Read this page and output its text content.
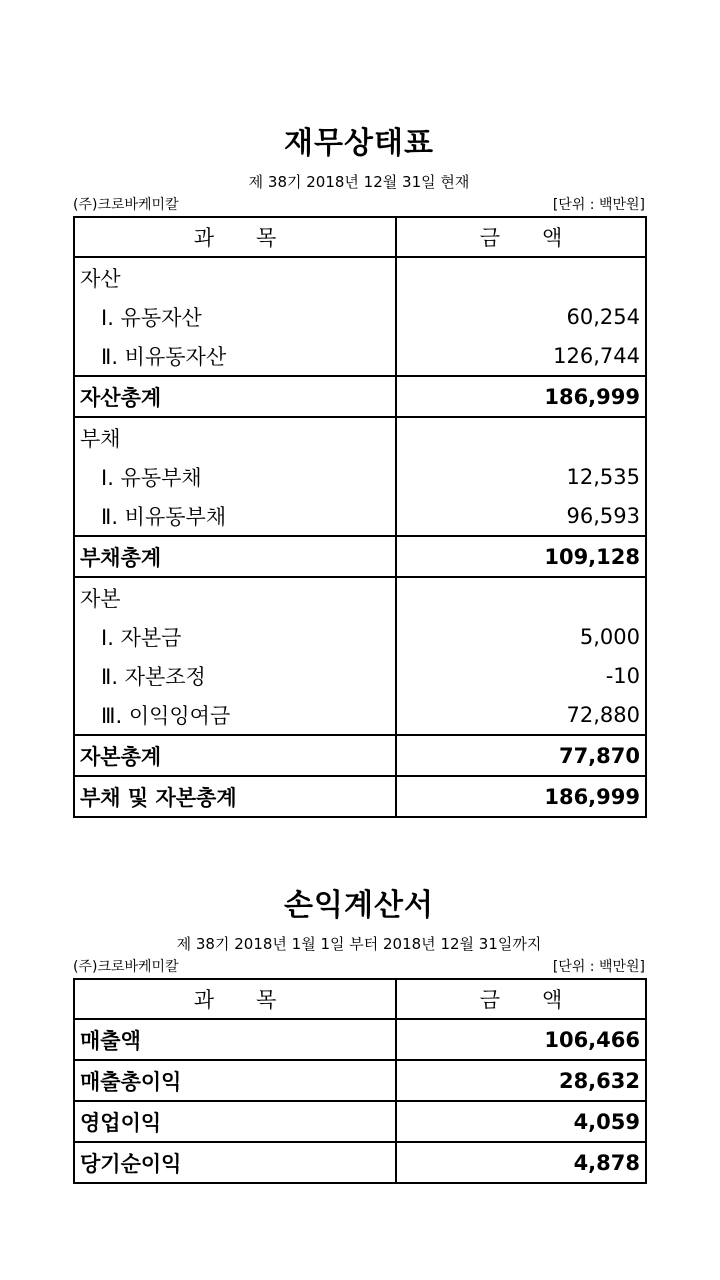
재무상태표
제 38기 2018년 12월 31일 현재
(주)크로바케미칼	[단위 : 백만원]
과 목	금 액
자산	
Ⅰ. 유동자산	60,254
Ⅱ. 비유동자산	126,744
자산총계	186,999
부채	
Ⅰ. 유동부채	12,535
Ⅱ. 비유동부채	96,593
부채총계	109,128
자본	
Ⅰ. 자본금	5,000
Ⅱ. 자본조정	-10
Ⅲ. 이익잉여금	72,880
자본총계	77,870
부채 및 자본총계	186,999
손익계산서
제 38기 2018년 1월 1일 부터 2018년 12월 31일까지
(주)크로바케미칼	[단위 : 백만원]
과 목	금 액
매출액	106,466
매출총이익	28,632
영업이익	4,059
당기순이익	4,878
